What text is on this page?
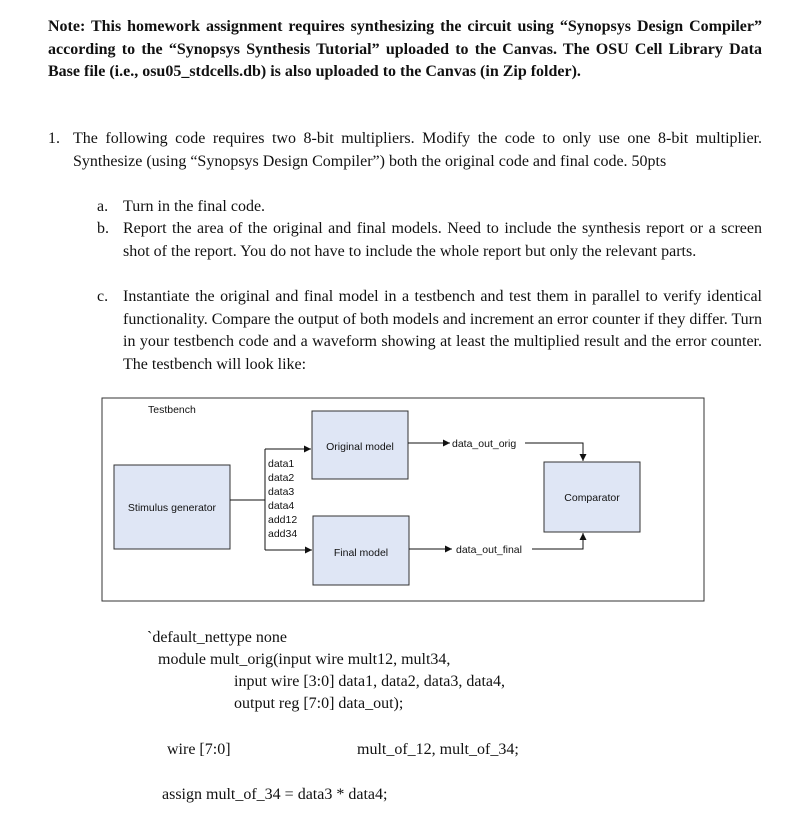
Note: This homework assignment requires synthesizing the circuit using “Synopsys Design Compiler” according to the “Synopsys Synthesis Tutorial” uploaded to the Canvas. The OSU Cell Library Data Base file (i.e., osu05_stdcells.db) is also uploaded to the Canvas (in Zip folder).
1. The following code requires two 8-bit multipliers. Modify the code to only use one 8-bit multiplier. Synthesize (using “Synopsys Design Compiler”) both the original code and final code. 50pts
a. Turn in the final code.
b. Report the area of the original and final models. Need to include the synthesis report or a screen shot of the report. You do not have to include the whole report but only the relevant parts.
c. Instantiate the original and final model in a testbench and test them in parallel to verify identical functionality. Compare the output of both models and increment an error counter if they differ. Turn in your testbench code and a waveform showing at least the multiplied result and the error counter. The testbench will look like:
Testbench
Stimulus generator
Original model
Final model
Comparator
data1
data2
data3
data4
add12
add34
data_out_orig
data_out_final
`default_nettype none
module mult_orig(input wire mult12, mult34,
input wire [3:0] data1, data2, data3, data4,
output reg [7:0] data_out);
wire [7:0]	mult_of_12, mult_of_34;
assign mult_of_34 = data3 * data4;
